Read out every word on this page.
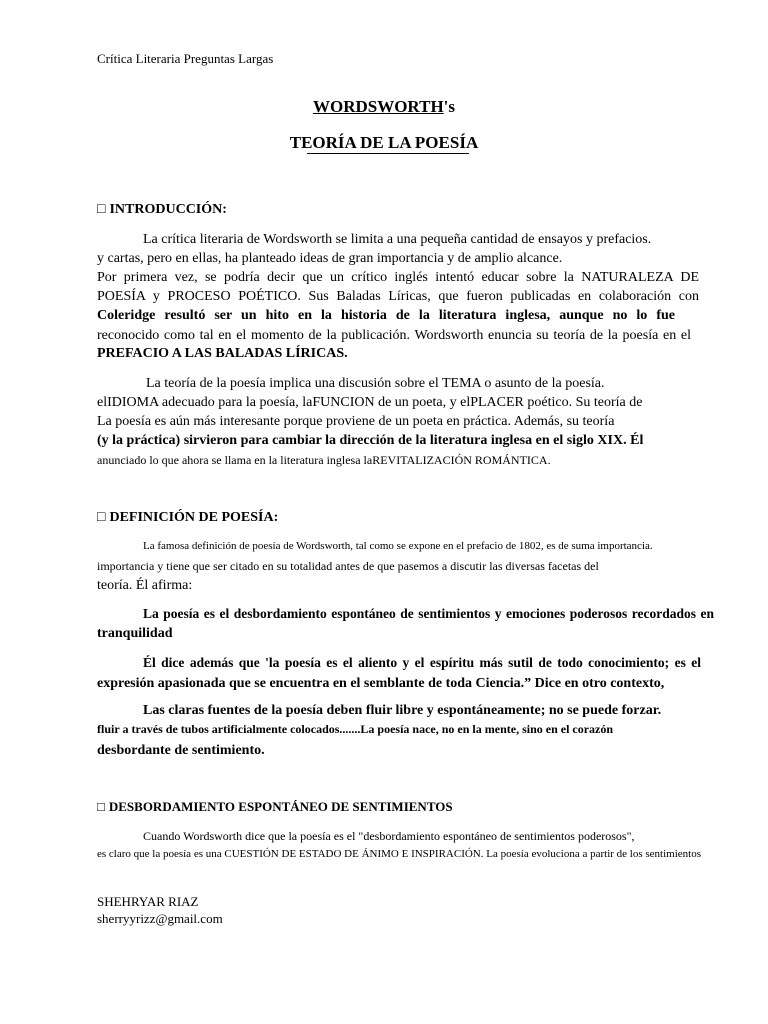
Crítica Literaria Preguntas Largas
WORDSWORTH's
TEORÍA DE LA POESÍA
□ INTRODUCCIÓN:
La crítica literaria de Wordsworth se limita a una pequeña cantidad de ensayos y prefacios.
y cartas, pero en ellas, ha planteado ideas de gran importancia y de amplio alcance.
Por primera vez, se podría decir que un crítico inglés intentó educar sobre la NATURALEZA DE
POESÍA y PROCESO POÉTICO. Sus Baladas Líricas, que fueron publicadas en colaboración con
Coleridge resultó ser un hito en la historia de la literatura inglesa, aunque no lo fue
reconocido como tal en el momento de la publicación. Wordsworth enuncia su teoría de la poesía en el
PREFACIO A LAS BALADAS LÍRICAS.
La teoría de la poesía implica una discusión sobre el TEMA o asunto de la poesía.
elIDIOMA adecuado para la poesía, laFUNCION de un poeta, y elPLACER poético. Su teoría de
La poesía es aún más interesante porque proviene de un poeta en práctica. Además, su teoría
(y la práctica) sirvieron para cambiar la dirección de la literatura inglesa en el siglo XIX. Él
anunciado lo que ahora se llama en la literatura inglesa laREVITALIZACIÓN ROMÁNTICA.
□ DEFINICIÓN DE POESÍA:
La famosa definición de poesía de Wordsworth, tal como se expone en el prefacio de 1802, es de suma importancia.
importancia y tiene que ser citado en su totalidad antes de que pasemos a discutir las diversas facetas del
teoría. Él afirma:
La poesía es el desbordamiento espontáneo de sentimientos y emociones poderosos recordados en
tranquilidad
Él dice además que 'la poesía es el aliento y el espíritu más sutil de todo conocimiento; es el
expresión apasionada que se encuentra en el semblante de toda Ciencia.” Dice en otro contexto,
Las claras fuentes de la poesía deben fluir libre y espontáneamente; no se puede forzar.
fluir a través de tubos artificialmente colocados.......La poesía nace, no en la mente, sino en el corazón
desbordante de sentimiento.
□ DESBORDAMIENTO ESPONTÁNEO DE SENTIMIENTOS
Cuando Wordsworth dice que la poesía es el "desbordamiento espontáneo de sentimientos poderosos",
es claro que la poesía es una CUESTIÓN DE ESTADO DE ÁNIMO E INSPIRACIÓN. La poesía evoluciona a partir de los sentimientos
SHEHRYAR RIAZ
sherryyrizz@gmail.com
